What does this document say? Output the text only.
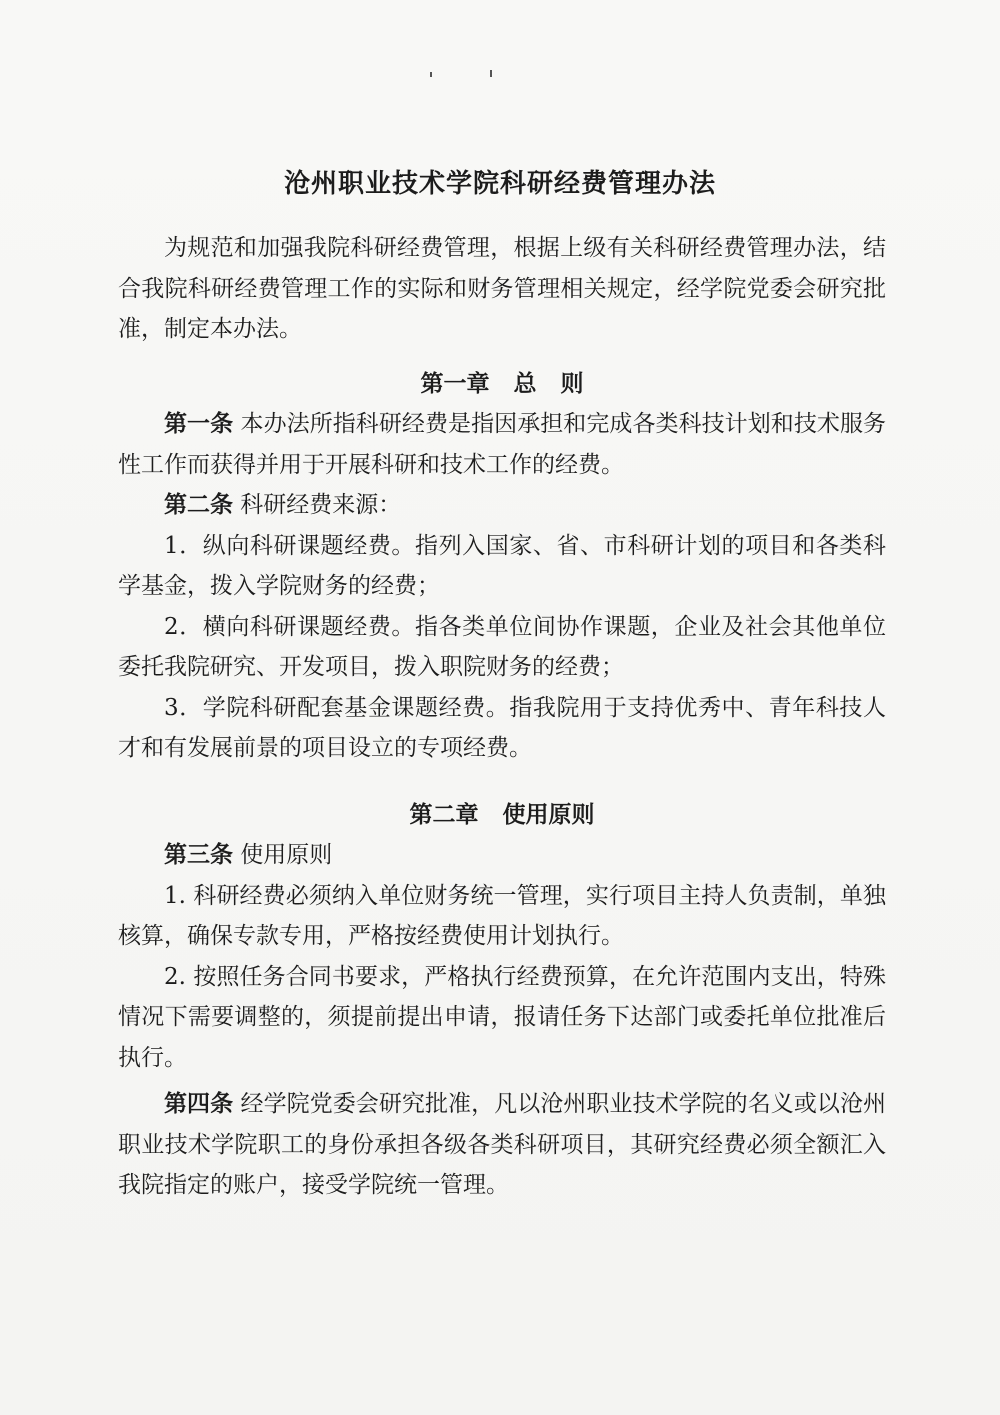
沧州职业技术学院科研经费管理办法

为规范和加强我院科研经费管理，根据上级有关科研经费管理办法，结合我院科研经费管理工作的实际和财务管理相关规定，经学院党委会研究批准，制定本办法。

第一章   总   则

第一条 本办法所指科研经费是指因承担和完成各类科技计划和技术服务性工作而获得并用于开展科研和技术工作的经费。

第二条 科研经费来源：

1．纵向科研课题经费。指列入国家、省、市科研计划的项目和各类科学基金，拨入学院财务的经费；

2．横向科研课题经费。指各类单位间协作课题，企业及社会其他单位委托我院研究、开发项目，拨入职院财务的经费；

3．学院科研配套基金课题经费。指我院用于支持优秀中、青年科技人才和有发展前景的项目设立的专项经费。

第二章   使用原则

第三条 使用原则

1. 科研经费必须纳入单位财务统一管理，实行项目主持人负责制，单独核算，确保专款专用，严格按经费使用计划执行。

2. 按照任务合同书要求，严格执行经费预算，在允许范围内支出，特殊情况下需要调整的，须提前提出申请，报请任务下达部门或委托单位批准后执行。

第四条 经学院党委会研究批准，凡以沧州职业技术学院的名义或以沧州职业技术学院职工的身份承担各级各类科研项目，其研究经费必须全额汇入我院指定的账户，接受学院统一管理。
